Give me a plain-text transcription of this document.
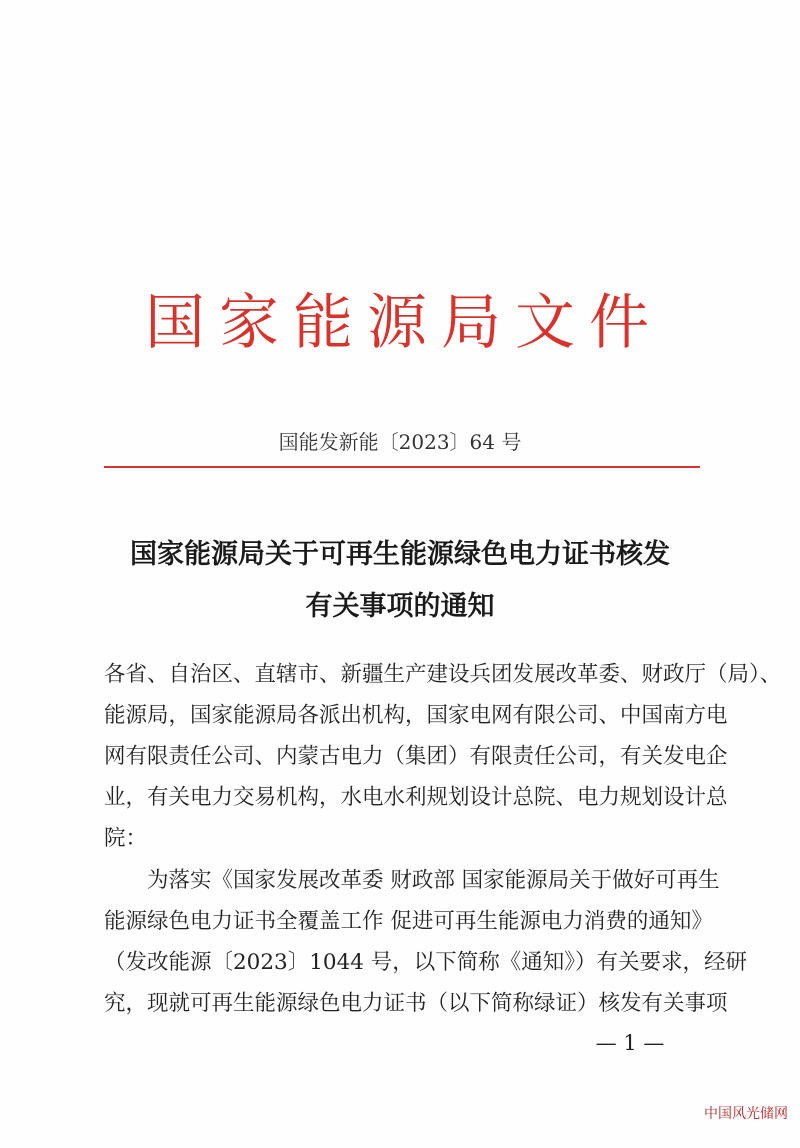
国家能源局文件
国能发新能〔2023〕64 号
国家能源局关于可再生能源绿色电力证书核发
有关事项的通知
各省、自治区、直辖市、新疆生产建设兵团发展改革委、财政厅（局）、
能源局，国家能源局各派出机构，国家电网有限公司、中国南方电
网有限责任公司、内蒙古电力（集团）有限责任公司，有关发电企
业，有关电力交易机构，水电水利规划设计总院、电力规划设计总
院：
为落实《国家发展改革委 财政部 国家能源局关于做好可再生
能源绿色电力证书全覆盖工作 促进可再生能源电力消费的通知》
（发改能源〔2023〕1044 号，以下简称《通知》）有关要求，经研
究，现就可再生能源绿色电力证书（以下简称绿证）核发有关事项
— 1 —
中国风光储网
